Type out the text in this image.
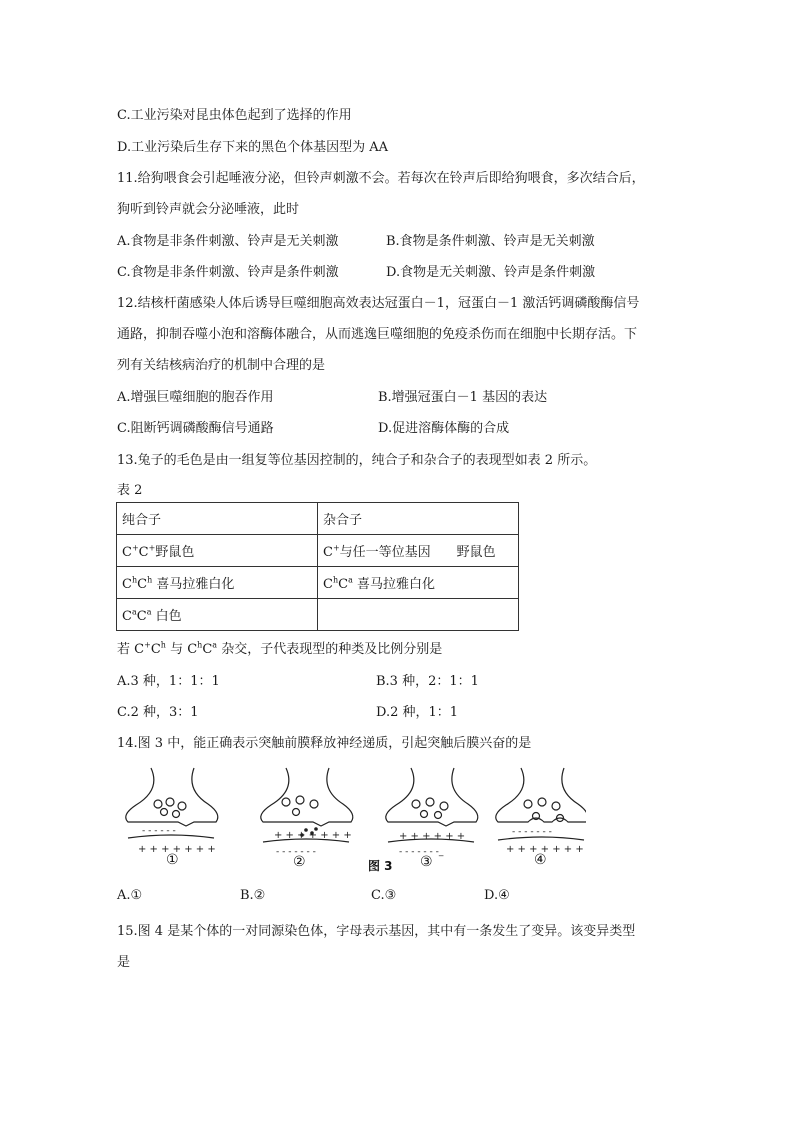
C.工业污染对昆虫体色起到了选择的作用
D.工业污染后生存下来的黑色个体基因型为 AA
11.给狗喂食会引起唾液分泌，但铃声刺激不会。若每次在铃声后即给狗喂食，多次结合后，
狗听到铃声就会分泌唾液，此时
A.食物是非条件刺激、铃声是无关刺激	B.食物是条件刺激、铃声是无关刺激
C.食物是非条件刺激、铃声是条件刺激	D.食物是无关刺激、铃声是条件刺激
12.结核杆菌感染人体后诱导巨噬细胞高效表达冠蛋白－1，冠蛋白－1 激活钙调磷酸酶信号
通路，抑制吞噬小泡和溶酶体融合，从而逃逸巨噬细胞的免疫杀伤而在细胞中长期存活。下
列有关结核病治疗的机制中合理的是
A.增强巨噬细胞的胞吞作用	B.增强冠蛋白－1 基因的表达
C.阻断钙调磷酸酶信号通路	D.促进溶酶体酶的合成
13.兔子的毛色是由一组复等位基因控制的，纯合子和杂合子的表现型如表 2 所示。
表 2
纯合子	杂合子
C+C+野鼠色	C+与任一等位基因 野鼠色
$C^hC^h$ 喜马拉雅白化	$C^hC^a$ 喜马拉雅白化
$C^aC^a$ 白色	
若 $C^+C^h$ 与 $C^hC^a$ 杂交，子代表现型的种类及比例分别是
A.3 种，1：1：1	B.3 种，2：1：1
C.2 种，3：1	D.2 种，1：1
14.图 3 中，能正确表示突触前膜释放神经递质，引起突触后膜兴奋的是
- - - - - -
+ + + + + + +
+ + + + + + +
- - - - - - -
+ + + + + +
- - - - - - -_
- - - - - - -
+ + + + + + +
①	②	图 3 ③	④
A.①	B.②	C.③	D.④
15.图 4 是某个体的一对同源染色体，字母表示基因，其中有一条发生了变异。该变异类型
是
